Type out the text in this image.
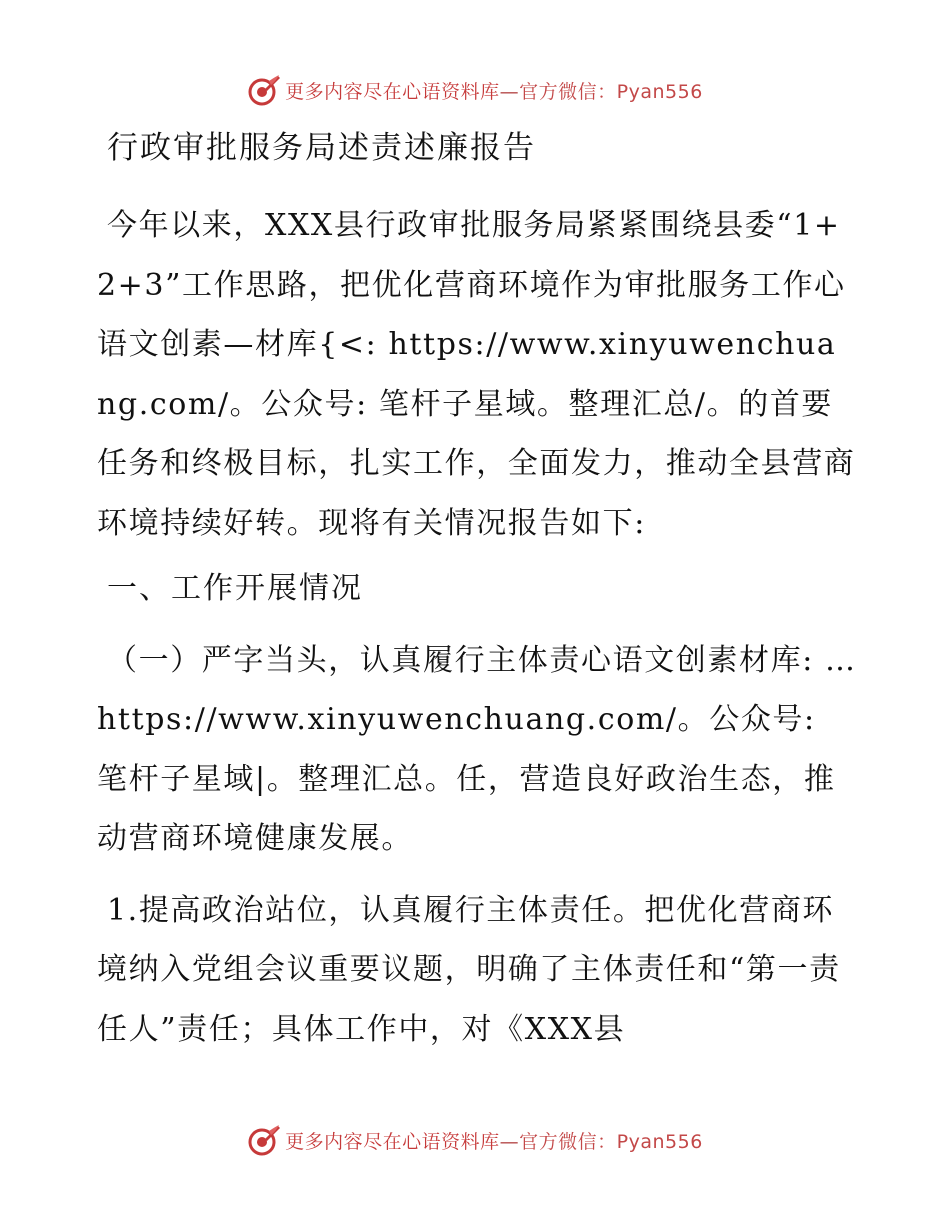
更多内容尽在心语资料库—官方微信：Pyan556
行政审批服务局述责述廉报告

今年以来，XXX县行政审批服务局紧紧围绕县委“1+2+3”工作思路，把优化营商环境作为审批服务工作心语文创素—材库{<: https://www.xinyuwenchuang.com/。公众号: 笔杆子星域。整理汇总/。的首要任务和终极目标，扎实工作，全面发力，推动全县营商环境持续好转。现将有关情况报告如下:

一、工作开展情况

（一）严字当头，认真履行主体责心语文创素材库: …https://www.xinyuwenchuang.com/。公众号: 笔杆子星域|。整理汇总。任，营造良好政治生态，推动营商环境健康发展。

1.提高政治站位，认真履行主体责任。把优化营商环境纳入党组会议重要议题，明确了主体责任和“第一责任人”责任；具体工作中，对《XXX县

更多内容尽在心语资料库—官方微信：Pyan556
